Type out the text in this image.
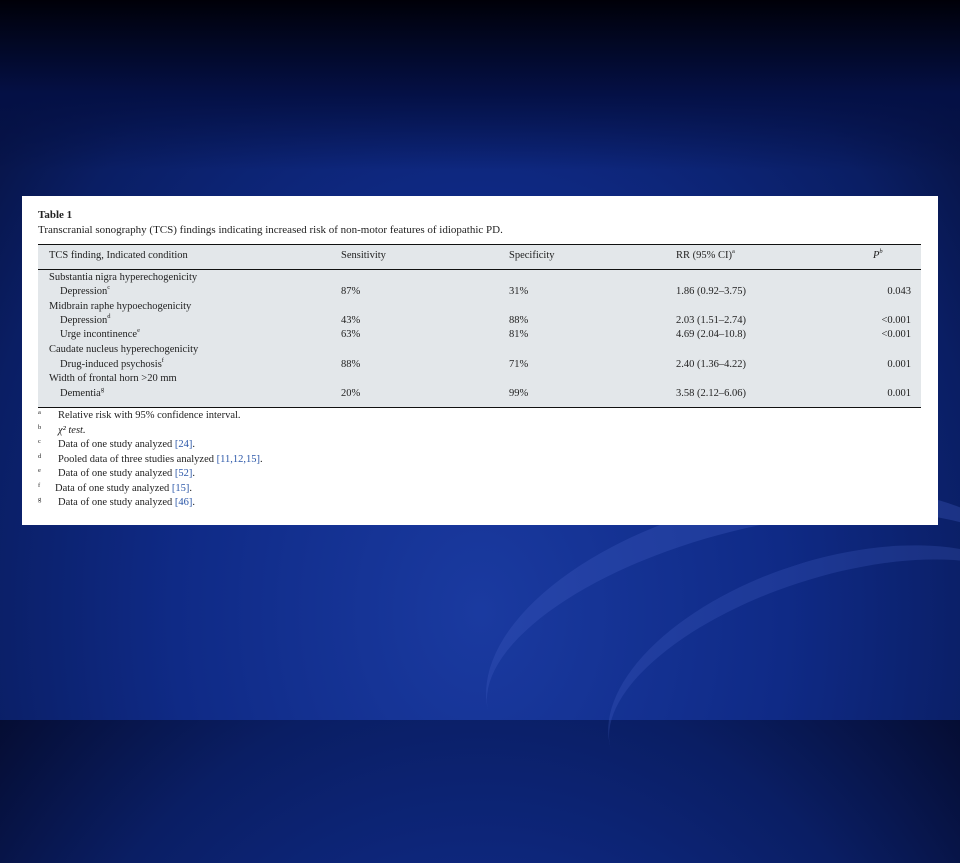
Table 1
Transcranial sonography (TCS) findings indicating increased risk of non-motor features of idiopathic PD.
TCS finding, Indicated condition	Sensitivity	Specificity	RR (95% CI)$^a$	$P^b$
Substantia nigra hyperechogenicity
Depression$^c$	87%	31%	1.86 (0.92–3.75)	0.043
Midbrain raphe hypoechogenicity
Depression$^d$	43%	88%	2.03 (1.51–2.74)	<0.001
Urge incontinence$^e$	63%	81%	4.69 (2.04–10.8)	<0.001
Caudate nucleus hyperechogenicity
Drug-induced psychosis$^f$	88%	71%	2.40 (1.36–4.22)	0.001
Width of frontal horn >20 mm
Dementia$^g$	20%	99%	3.58 (2.12–6.06)	0.001
a Relative risk with 95% confidence interval.
b χ² test.
c Data of one study analyzed [24].
d Pooled data of three studies analyzed [11,12,15].
e Data of one study analyzed [52].
f Data of one study analyzed [15].
g Data of one study analyzed [46].
